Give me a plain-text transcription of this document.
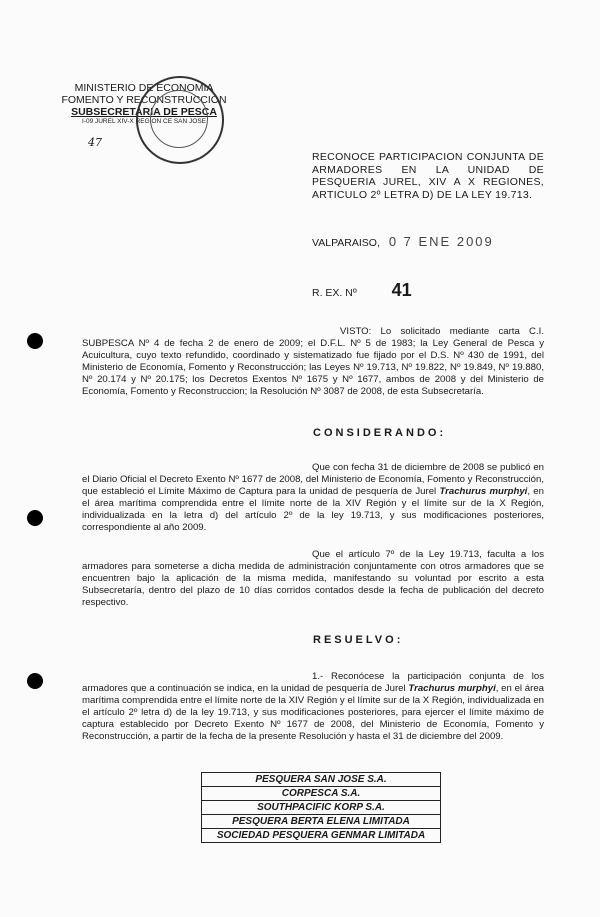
MINISTERIO DE ECONOMIA
FOMENTO Y RECONSTRUCCION
SUBSECRETARIA DE PESCA
I-09 JUREL XIV-X REGION CE SAN JOSE
47
RECONOCE PARTICIPACION CONJUNTA DE ARMADORES EN LA UNIDAD DE PESQUERIA JUREL, XIV A X REGIONES, ARTICULO 2º LETRA D) DE LA LEY 19.713.
VALPARAISO, 0 7 ENE 2009
R. EX. Nº 41
VISTO: Lo solicitado mediante carta C.I. SUBPESCA Nº 4 de fecha 2 de enero de 2009; el D.F.L. Nº 5 de 1983; la Ley General de Pesca y Acuicultura, cuyo texto refundido, coordinado y sistematizado fue fijado por el D.S. Nº 430 de 1991, del Ministerio de Economía, Fomento y Reconstrucción; las Leyes Nº 19.713, Nº 19.822, Nº 19.849, Nº 19.880, Nº 20.174 y Nº 20.175; los Decretos Exentos Nº 1675 y Nº 1677, ambos de 2008 y del Ministerio de Economía, Fomento y Reconstruccion; la Resolución Nº 3087 de 2008, de esta Subsecretaría.
CONSIDERANDO:
Que con fecha 31 de diciembre de 2008 se publicó en el Diario Oficial el Decreto Exento Nº 1677 de 2008, del Ministerio de Economía, Fomento y Reconstrucción, que estableció el Límite Máximo de Captura para la unidad de pesquería de Jurel Trachurus murphyi, en el área marítima comprendida entre el límite norte de la XIV Región y el límite sur de la X Región, individualizada en la letra d) del artículo 2º de la ley 19.713, y sus modificaciones posteriores, correspondiente al año 2009.
Que el artículo 7º de la Ley 19.713, faculta a los armadores para someterse a dicha medida de administración conjuntamente con otros armadores que se encuentren bajo la aplicación de la misma medida, manifestando su voluntad por escrito a esta Subsecretaría, dentro del plazo de 10 días corridos contados desde la fecha de publicación del decreto respectivo.
RESUELVO:
1.- Reconócese la participación conjunta de los armadores que a continuación se indica, en la unidad de pesquería de Jurel Trachurus murphyi, en el área marítima comprendida entre el límite norte de la XIV Región y el límite sur de la X Región, individualizada en el artículo 2º letra d) de la ley 19.713, y sus modificaciones posteriores, para ejercer el límite máximo de captura establecido por Decreto Exento Nº 1677 de 2008, del Ministerio de Economía, Fomento y Reconstrucción, a partir de la fecha de la presente Resolución y hasta el 31 de diciembre del 2009.
PESQUERA SAN JOSE S.A.
CORPESCA S.A.
SOUTHPACIFIC KORP S.A.
PESQUERA BERTA ELENA LIMITADA
SOCIEDAD PESQUERA GENMAR LIMITADA
